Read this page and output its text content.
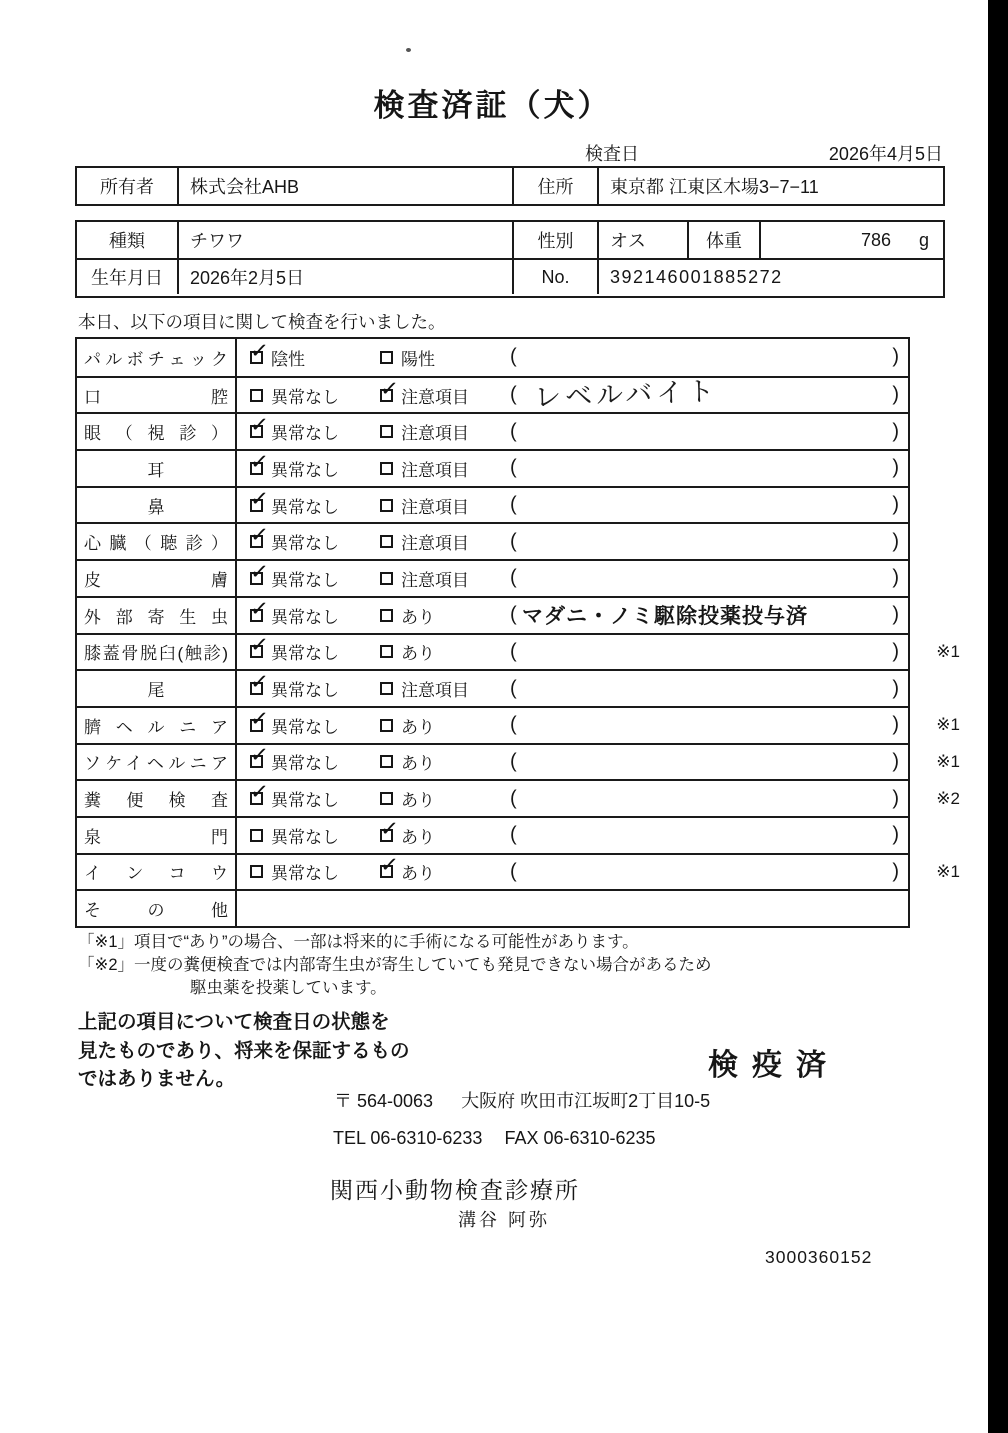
検査済証（犬）
検査日	2026年4月5日
所有者 株式会社AHB	住所 東京都 江東区木場3−7−11
種類	チワワ	性別 オス	体重	786 g
生年月日 2026年2月5日	No. 392146001885272
本日、以下の項目に関して検査を行いました。
パルボチェック ✓ 陰性	陽性	(	)
口腔	異常なし ✓ 注意項目 ( レベルバイト	)
眼（視診） ✓ 異常なし	注意項目 (	)
耳	✓ 異常なし	注意項目 (	)
鼻	✓ 異常なし	注意項目 (	)
心臓（聴診） ✓ 異常なし	注意項目 (	)
皮膚 ✓ 異常なし	注意項目 (	)
外部寄生虫 ✓ 異常なし	あり	( マダニ・ノミ駆除投薬投与済	)
膝蓋骨脱臼(触診) ✓ 異常なし	あり	(	) ※1
尾	✓ 異常なし	注意項目 (	)
臍ヘルニア ✓ 異常なし	あり	(	) ※1
ソケイヘルニア ✓ 異常なし	あり	(	) ※1
糞便検査 ✓ 異常なし	あり	(	) ※2
泉門	異常なし ✓ あり	(	)
インコウ	異常なし ✓ あり	(	) ※1
その他
「※1」項目で“あり”の場合、一部は将来的に手術になる可能性があります。
「※2」一度の糞便検査では内部寄生虫が寄生していても発見できない場合があるため
駆虫薬を投薬しています。
上記の項目について検査日の状態を
見たものであり、将来を保証するもの
ではありません。	検疫済
〒 564-0063 大阪府 吹田市江坂町2丁目10-5
TEL 06-6310-6233 FAX 06-6310-6235
関西小動物検査診療所
溝谷 阿弥
3000360152
